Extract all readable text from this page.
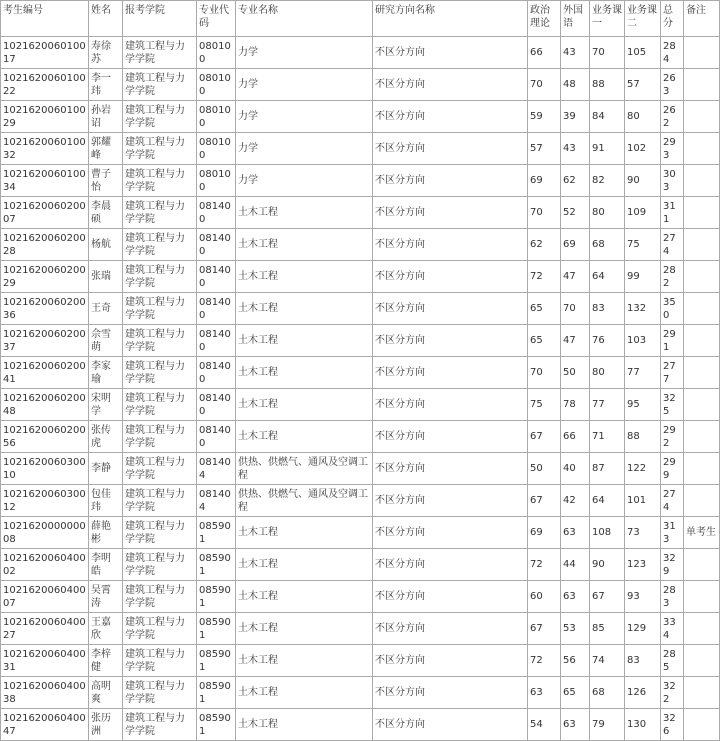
考生编号	姓名	报考学院	专业代码	专业名称	研究方向名称	政治理论	外国语	业务课一	业务课二	总分	备注
102162006010017	寿徐苏	建筑工程与力学学院	080100	力学	不区分方向	66	43	70	105	284	
102162006010022	李一玮	建筑工程与力学学院	080100	力学	不区分方向	70	48	88	57	263	
102162006010029	孙岩诏	建筑工程与力学学院	080100	力学	不区分方向	59	39	84	80	262	
102162006010032	郭耀峰	建筑工程与力学学院	080100	力学	不区分方向	57	43	91	102	293	
102162006010034	曹子怡	建筑工程与力学学院	080100	力学	不区分方向	69	62	82	90	303	
102162006020007	李晨硕	建筑工程与力学学院	081400	土木工程	不区分方向	70	52	80	109	311	
102162006020028	杨航	建筑工程与力学学院	081400	土木工程	不区分方向	62	69	68	75	274	
102162006020029	张瑞	建筑工程与力学学院	081400	土木工程	不区分方向	72	47	64	99	282	
102162006020036	王奇	建筑工程与力学学院	081400	土木工程	不区分方向	65	70	83	132	350	
102162006020037	佘雪萌	建筑工程与力学学院	081400	土木工程	不区分方向	65	47	76	103	291	
102162006020041	李家瑜	建筑工程与力学学院	081400	土木工程	不区分方向	70	50	80	77	277	
102162006020048	宋明学	建筑工程与力学学院	081400	土木工程	不区分方向	75	78	77	95	325	
102162006020056	张传虎	建筑工程与力学学院	081400	土木工程	不区分方向	67	66	71	88	292	
102162006030010	李静	建筑工程与力学学院	081404	供热、供燃气、通风及空调工程	不区分方向	50	40	87	122	299	
102162006030012	包佳玮	建筑工程与力学学院	081404	供热、供燃气、通风及空调工程	不区分方向	67	42	64	101	274	
102162000000008	薛艳彬	建筑工程与力学学院	085901	土木工程	不区分方向	69	63	108	73	313	单考生
102162006040002	李明皓	建筑工程与力学学院	085901	土木工程	不区分方向	72	44	90	123	329	
102162006040007	吴霄涛	建筑工程与力学学院	085901	土木工程	不区分方向	60	63	67	93	283	
102162006040027	王嘉欣	建筑工程与力学学院	085901	土木工程	不区分方向	67	53	85	129	334	
102162006040031	李梓健	建筑工程与力学学院	085901	土木工程	不区分方向	72	56	74	83	285	
102162006040038	高明爽	建筑工程与力学学院	085901	土木工程	不区分方向	63	65	68	126	322	
102162006040047	张历洲	建筑工程与力学学院	085901	土木工程	不区分方向	54	63	79	130	326	
